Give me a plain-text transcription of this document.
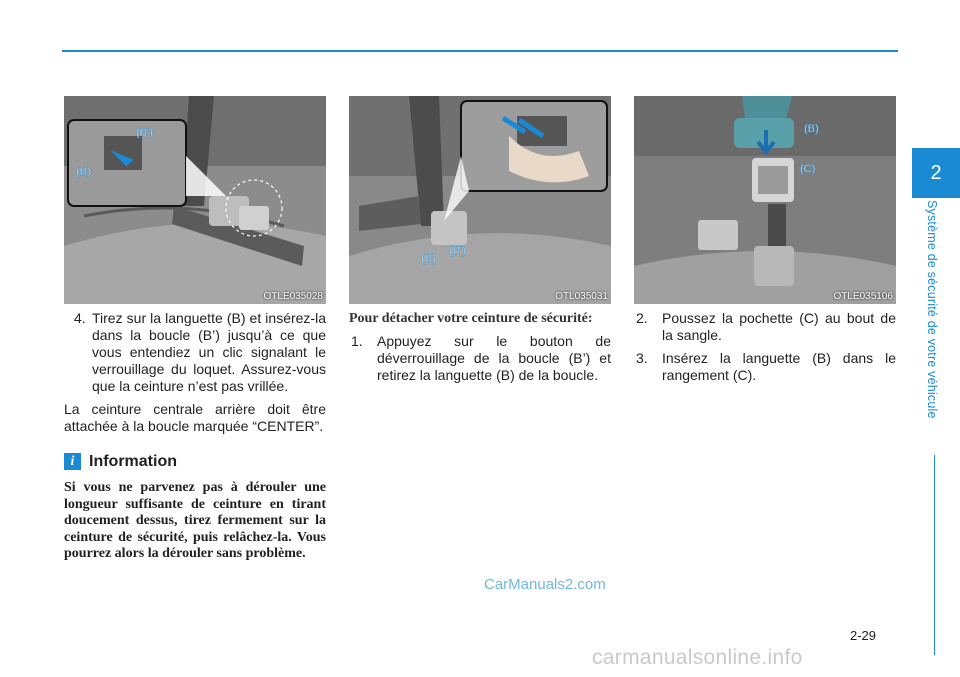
2
Système de sécurité de votre véhicule
(B')
(B)
OTLE035028
(B)
(B')
OTL035031
(B)
(C)
OTLE035106
4. Tirez sur la languette (B) et insérez-la dans la boucle (B’) jusqu’à ce que vous entendiez un clic signalant le verrouillage du loquet. Assurez-vous que la ceinture n’est pas vrillée.

La ceinture centrale arrière doit être attachée à la boucle marquée “CENTER”.

i Information
Si vous ne parvenez pas à dérouler une longueur suffisante de ceinture en tirant doucement dessus, tirez fermement sur la ceinture de sécurité, puis relâchez-la. Vous pourrez alors la dérouler sans problème.
Pour détacher votre ceinture de sécurité:
1. Appuyez sur le bouton de déverrouillage de la boucle (B’) et retirez la languette (B) de la boucle.
2. Poussez la pochette (C) au bout de la sangle.
3. Insérez la languette (B) dans le rangement (C).
CarManuals2.com
2-29
carmanualsonline.info
